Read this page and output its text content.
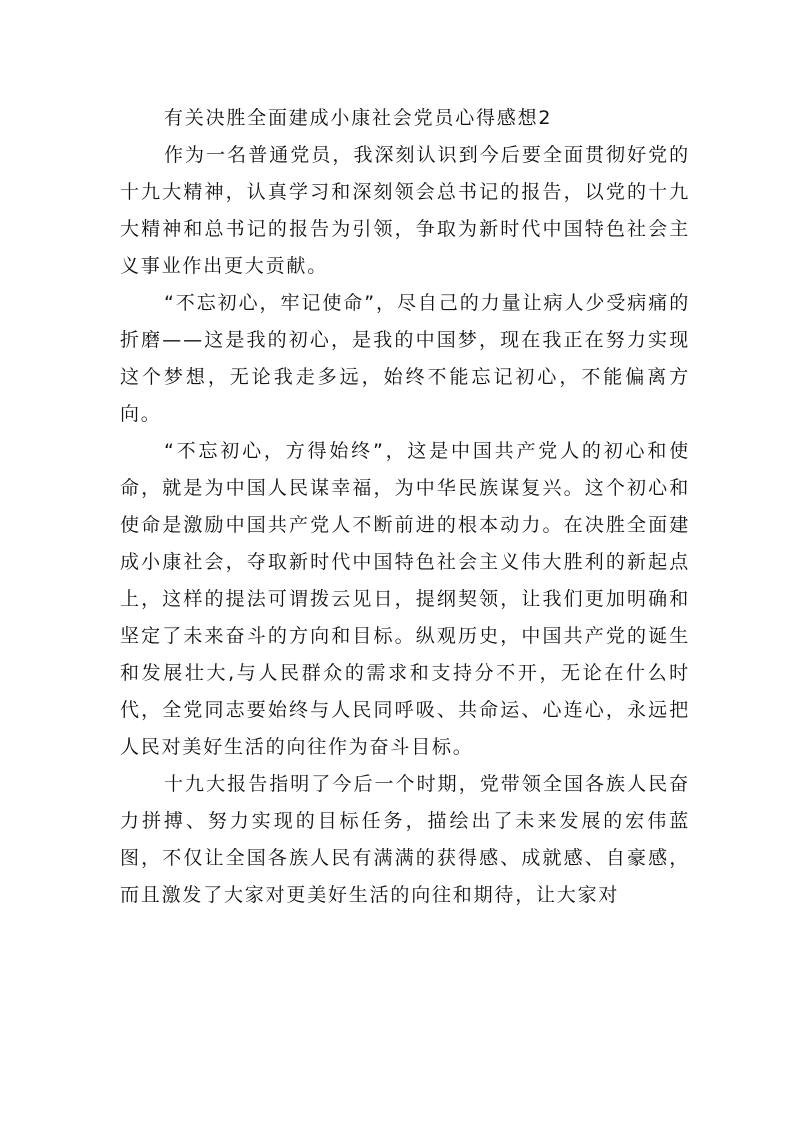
有关决胜全面建成小康社会党员心得感想2

作为一名普通党员，我深刻认识到今后要全面贯彻好党的十九大精神，认真学习和深刻领会总书记的报告，以党的十九大精神和总书记的报告为引领，争取为新时代中国特色社会主义事业作出更大贡献。

“不忘初心，牢记使命”，尽自己的力量让病人少受病痛的折磨——这是我的初心，是我的中国梦，现在我正在努力实现这个梦想，无论我走多远，始终不能忘记初心，不能偏离方向。

“不忘初心，方得始终”，这是中国共产党人的初心和使命，就是为中国人民谋幸福，为中华民族谋复兴。这个初心和使命是激励中国共产党人不断前进的根本动力。在决胜全面建成小康社会，夺取新时代中国特色社会主义伟大胜利的新起点上，这样的提法可谓拨云见日，提纲契领，让我们更加明确和坚定了未来奋斗的方向和目标。纵观历史，中国共产党的诞生和发展壮大,与人民群众的需求和支持分不开，无论在什么时代，全党同志要始终与人民同呼吸、共命运、心连心，永远把人民对美好生活的向往作为奋斗目标。

十九大报告指明了今后一个时期，党带领全国各族人民奋力拼搏、努力实现的目标任务，描绘出了未来发展的宏伟蓝图，不仅让全国各族人民有满满的获得感、成就感、自豪感，而且激发了大家对更美好生活的向往和期待，让大家对
